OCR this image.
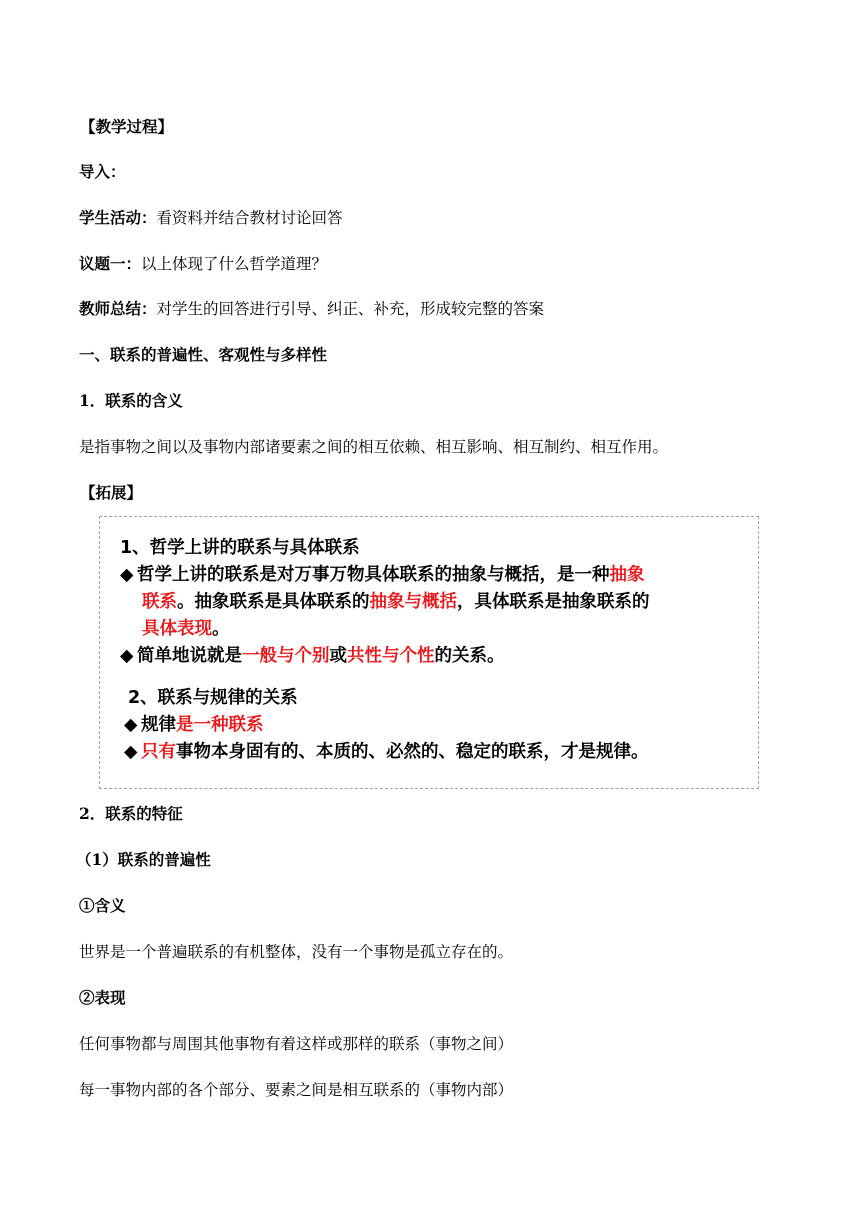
【教学过程】
导入：
学生活动：看资料并结合教材讨论回答
议题一：以上体现了什么哲学道理？
教师总结：对学生的回答进行引导、纠正、补充，形成较完整的答案
一、联系的普遍性、客观性与多样性
1．联系的含义
是指事物之间以及事物内部诸要素之间的相互依赖、相互影响、相互制约、相互作用。
【拓展】
1、哲学上讲的联系与具体联系
◆ 哲学上讲的联系是对万事万物具体联系的抽象与概括，是一种抽象
联系。抽象联系是具体联系的抽象与概括，具体联系是抽象联系的
具体表现。
◆ 简单地说就是一般与个别或共性与个性的关系。
2、联系与规律的关系
◆ 规律是一种联系
◆ 只有事物本身固有的、本质的、必然的、稳定的联系，才是规律。
2．联系的特征
（1）联系的普遍性
①含义
世界是一个普遍联系的有机整体，没有一个事物是孤立存在的。
②表现
任何事物都与周围其他事物有着这样或那样的联系（事物之间）
每一事物内部的各个部分、要素之间是相互联系的（事物内部）
